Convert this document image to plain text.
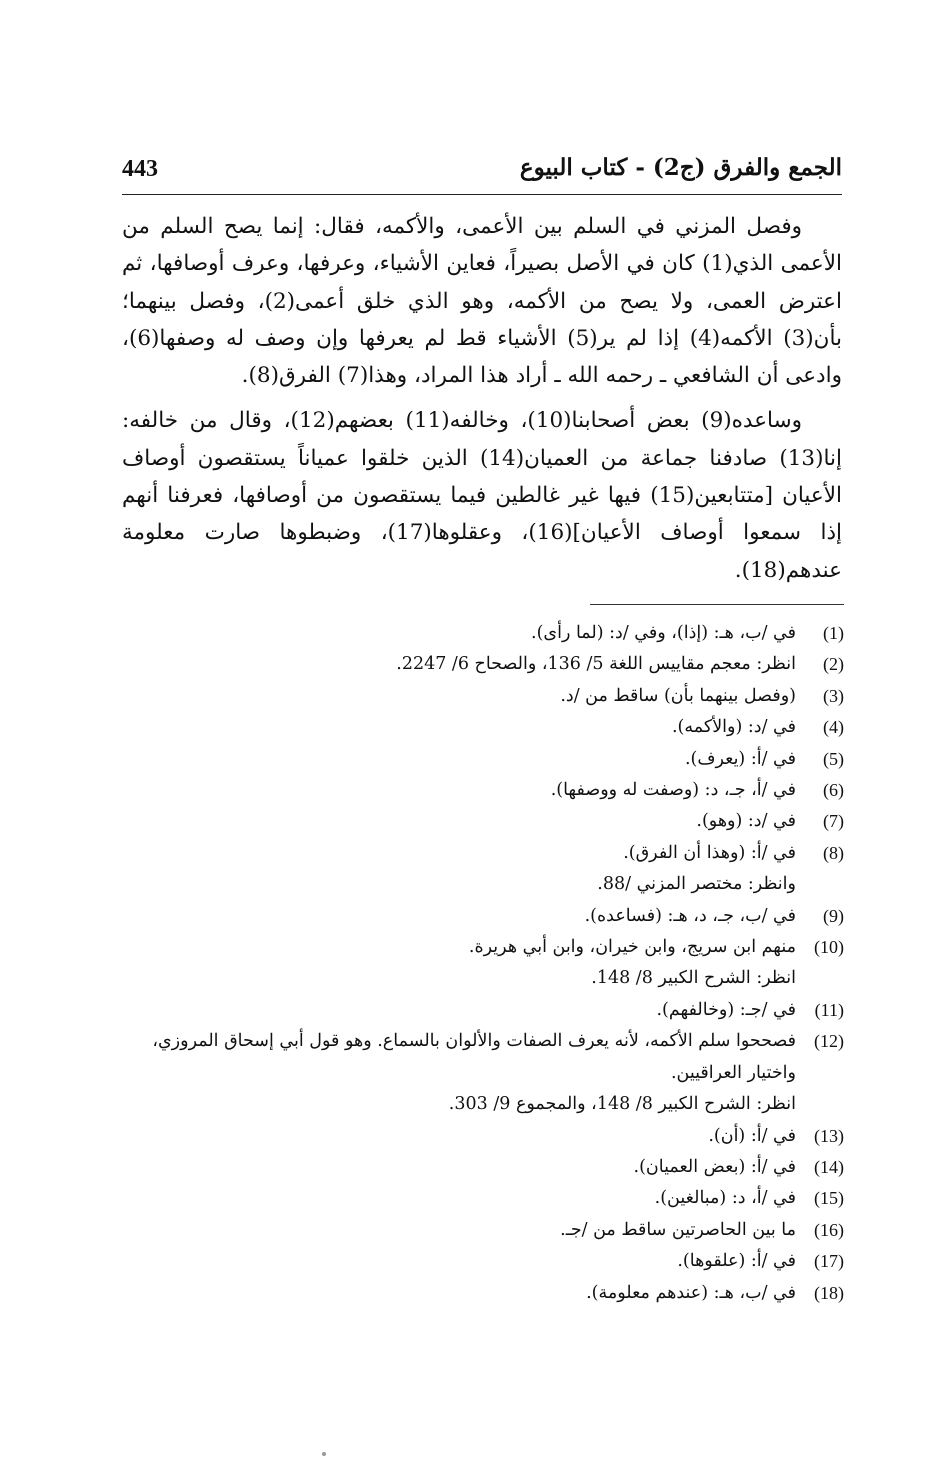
443	الجمع والفرق (ج2) - كتاب البيوع

وفصل المزني في السلم بين الأعمى، والأكمه، فقال: إنما يصح السلم من الأعمى الذي(1) كان في الأصل بصيراً، فعاين الأشياء، وعرفها، وعرف أوصافها، ثم اعترض العمى، ولا يصح من الأكمه، وهو الذي خلق أعمى(2)، وفصل بينهما؛ بأن(3) الأكمه(4) إذا لم ير(5) الأشياء قط لم يعرفها وإن وصف له وصفها(6)، وادعى أن الشافعي ـ رحمه الله ـ أراد هذا المراد، وهذا(7) الفرق(8).

وساعده(9) بعض أصحابنا(10)، وخالفه(11) بعضهم(12)، وقال من خالفه: إنا(13) صادفنا جماعة من العميان(14) الذين خلقوا عمياناً يستقصون أوصاف الأعيان [متتابعين(15) فيها غير غالطين فيما يستقصون من أوصافها، فعرفنا أنهم إذا سمعوا أوصاف الأعيان](16)، وعقلوها(17)، وضبطوها صارت معلومة عندهم(18).

(1)
في /ب، هـ: (إذا)، وفي /د: (لما رأى).
(2)
انظر: معجم مقاييس اللغة 5/ 136، والصحاح 6/ 2247.
(3)
(وفصل بينهما بأن) ساقط من /د.
(4)
في /د: (والأكمه).
(5)
في /أ: (يعرف).
(6)
في /أ، جـ، د: (وصفت له ووصفها).
(7)
في /د: (وهو).
(8)
في /أ: (وهذا أن الفرق).
وانظر: مختصر المزني /88.
(9)
في /ب، جـ، د، هـ: (فساعده).
(10)
منهم ابن سريج، وابن خيران، وابن أبي هريرة.
انظر: الشرح الكبير 8/ 148.
(11)
في /جـ: (وخالفهم).
(12)
فصححوا سلم الأكمه، لأنه يعرف الصفات والألوان بالسماع. وهو قول أبي إسحاق المروزي، واختيار العراقيين.
انظر: الشرح الكبير 8/ 148، والمجموع 9/ 303.
(13)
في /أ: (أن).
(14)
في /أ: (بعض العميان).
(15)
في /أ، د: (مبالغين).
(16)
ما بين الحاصرتين ساقط من /جـ.
(17)
في /أ: (علقوها).
(18)
في /ب، هـ: (عندهم معلومة).
